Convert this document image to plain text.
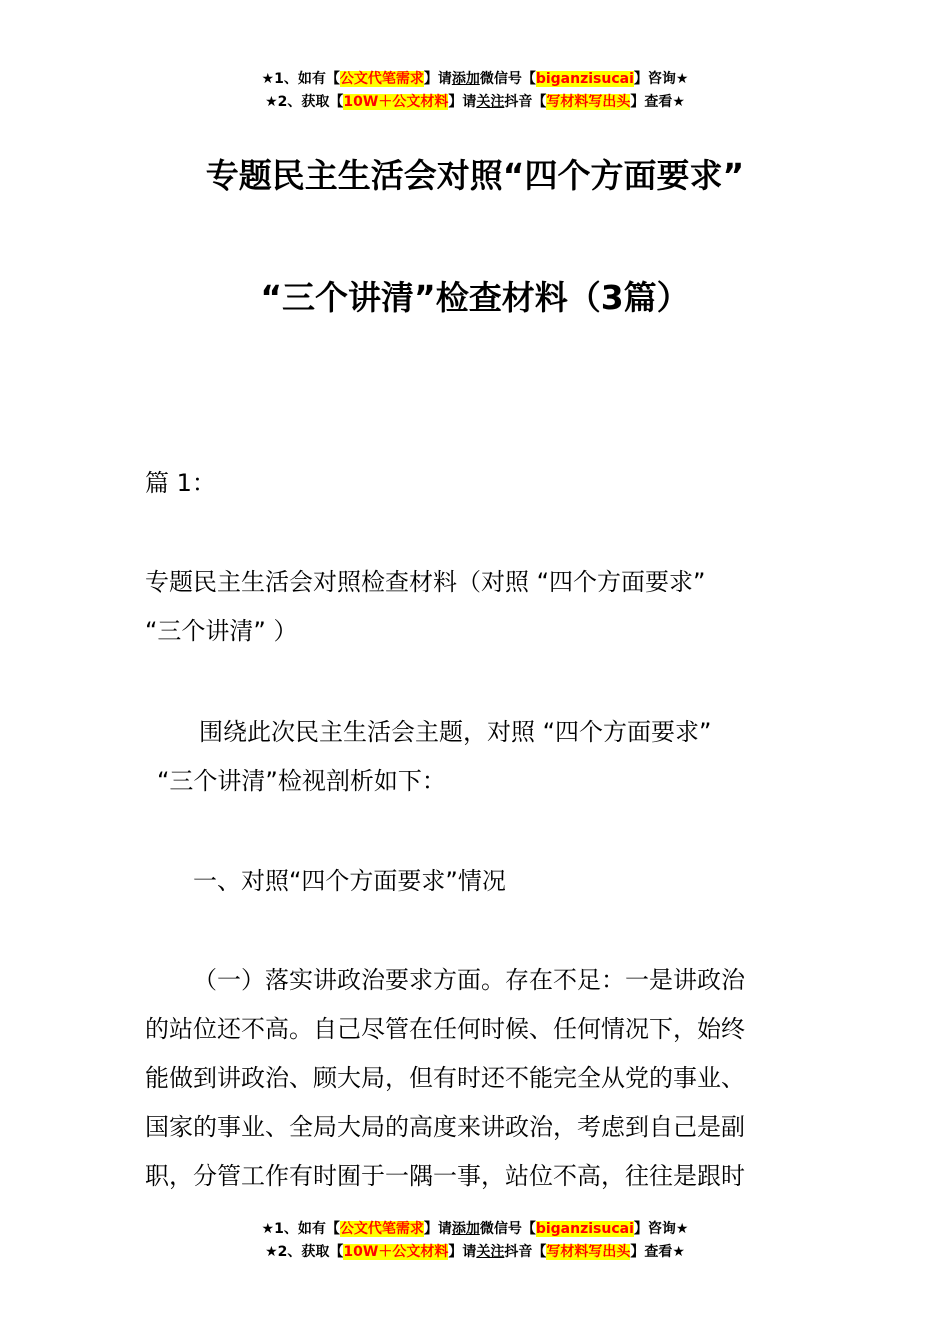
★1、如有【公文代笔需求】请添加微信号【biganzisucai】咨询★
★2、获取【10W＋公文材料】请关注抖音【写材料写出头】查看★
专题民主生活会对照“四个方面要求”
“三个讲清”检查材料（3篇）
篇 1：
专题民主生活会对照检查材料（对照 “四个方面要求”
“三个讲清” ）
围绕此次民主生活会主题，对照 “四个方面要求”
“三个讲清”检视剖析如下：
一、对照“四个方面要求”情况
（一）落实讲政治要求方面。存在不足：一是讲政治
的站位还不高。自己尽管在任何时候、任何情况下，始终
能做到讲政治、顾大局，但有时还不能完全从党的事业、
国家的事业、全局大局的高度来讲政治，考虑到自己是副
职，分管工作有时囿于一隅一事，站位不高，往往是跟时
★1、如有【公文代笔需求】请添加微信号【biganzisucai】咨询★
★2、获取【10W＋公文材料】请关注抖音【写材料写出头】查看★
